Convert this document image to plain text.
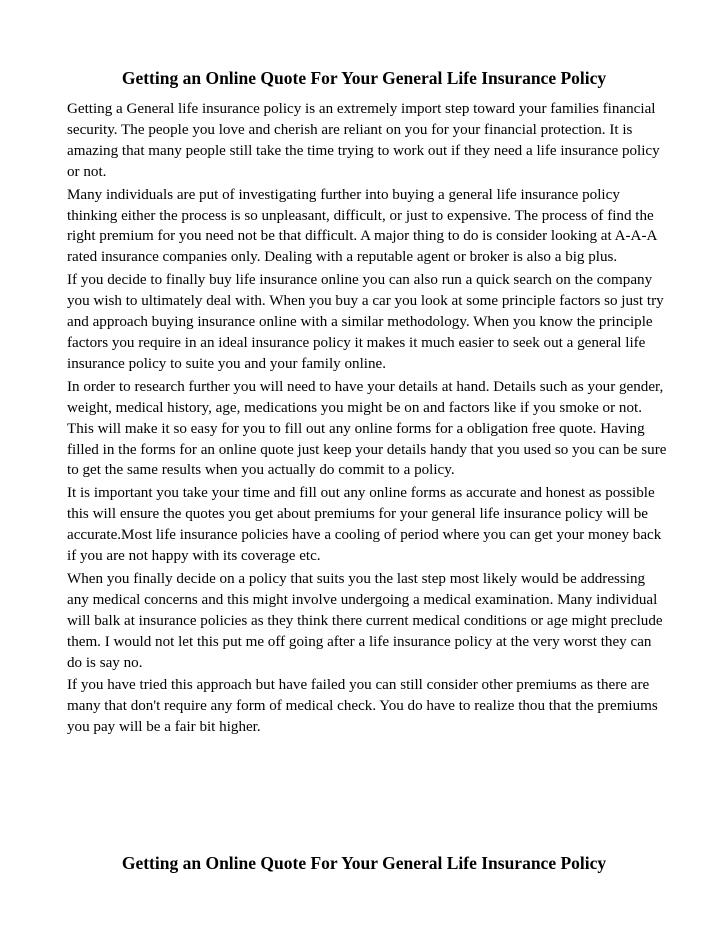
Getting an Online Quote For Your General Life Insurance Policy

Getting a General life insurance policy is an extremely import step toward your families financial security. The people you love and cherish are reliant on you for your financial protection. It is amazing that many people still take the time trying to work out if they need a life insurance policy or not.

Many individuals are put of investigating further into buying a general life insurance policy thinking either the process is so unpleasant, difficult, or just to expensive. The process of find the right premium for you need not be that difficult. A major thing to do is consider looking at A-A-A rated insurance companies only. Dealing with a reputable agent or broker is also a big plus.

If you decide to finally buy life insurance online you can also run a quick search on the company you wish to ultimately deal with. When you buy a car you look at some principle factors so just try and approach buying insurance online with a similar methodology. When you know the principle factors you require in an ideal insurance policy it makes it much easier to seek out a general life insurance policy to suite you and your family online.

In order to research further you will need to have your details at hand. Details such as your gender, weight, medical history, age, medications you might be on and factors like if you smoke or not. This will make it so easy for you to fill out any online forms for a obligation free quote. Having filled in the forms for an online quote just keep your details handy that you used so you can be sure to get the same results when you actually do commit to a policy.

It is important you take your time and fill out any online forms as accurate and honest as possible this will ensure the quotes you get about premiums for your general life insurance policy will be accurate.Most life insurance policies have a cooling of period where you can get your money back if you are not happy with its coverage etc.

When you finally decide on a policy that suits you the last step most likely would be addressing any medical concerns and this might involve undergoing a medical examination. Many individual will balk at insurance policies as they think there current medical conditions or age might preclude them. I would not let this put me off going after a life insurance policy at the very worst they can do is say no.

If you have tried this approach but have failed you can still consider other premiums as there are many that don't require any form of medical check. You do have to realize thou that the premiums you pay will be a fair bit higher.

Getting an Online Quote For Your General Life Insurance Policy
